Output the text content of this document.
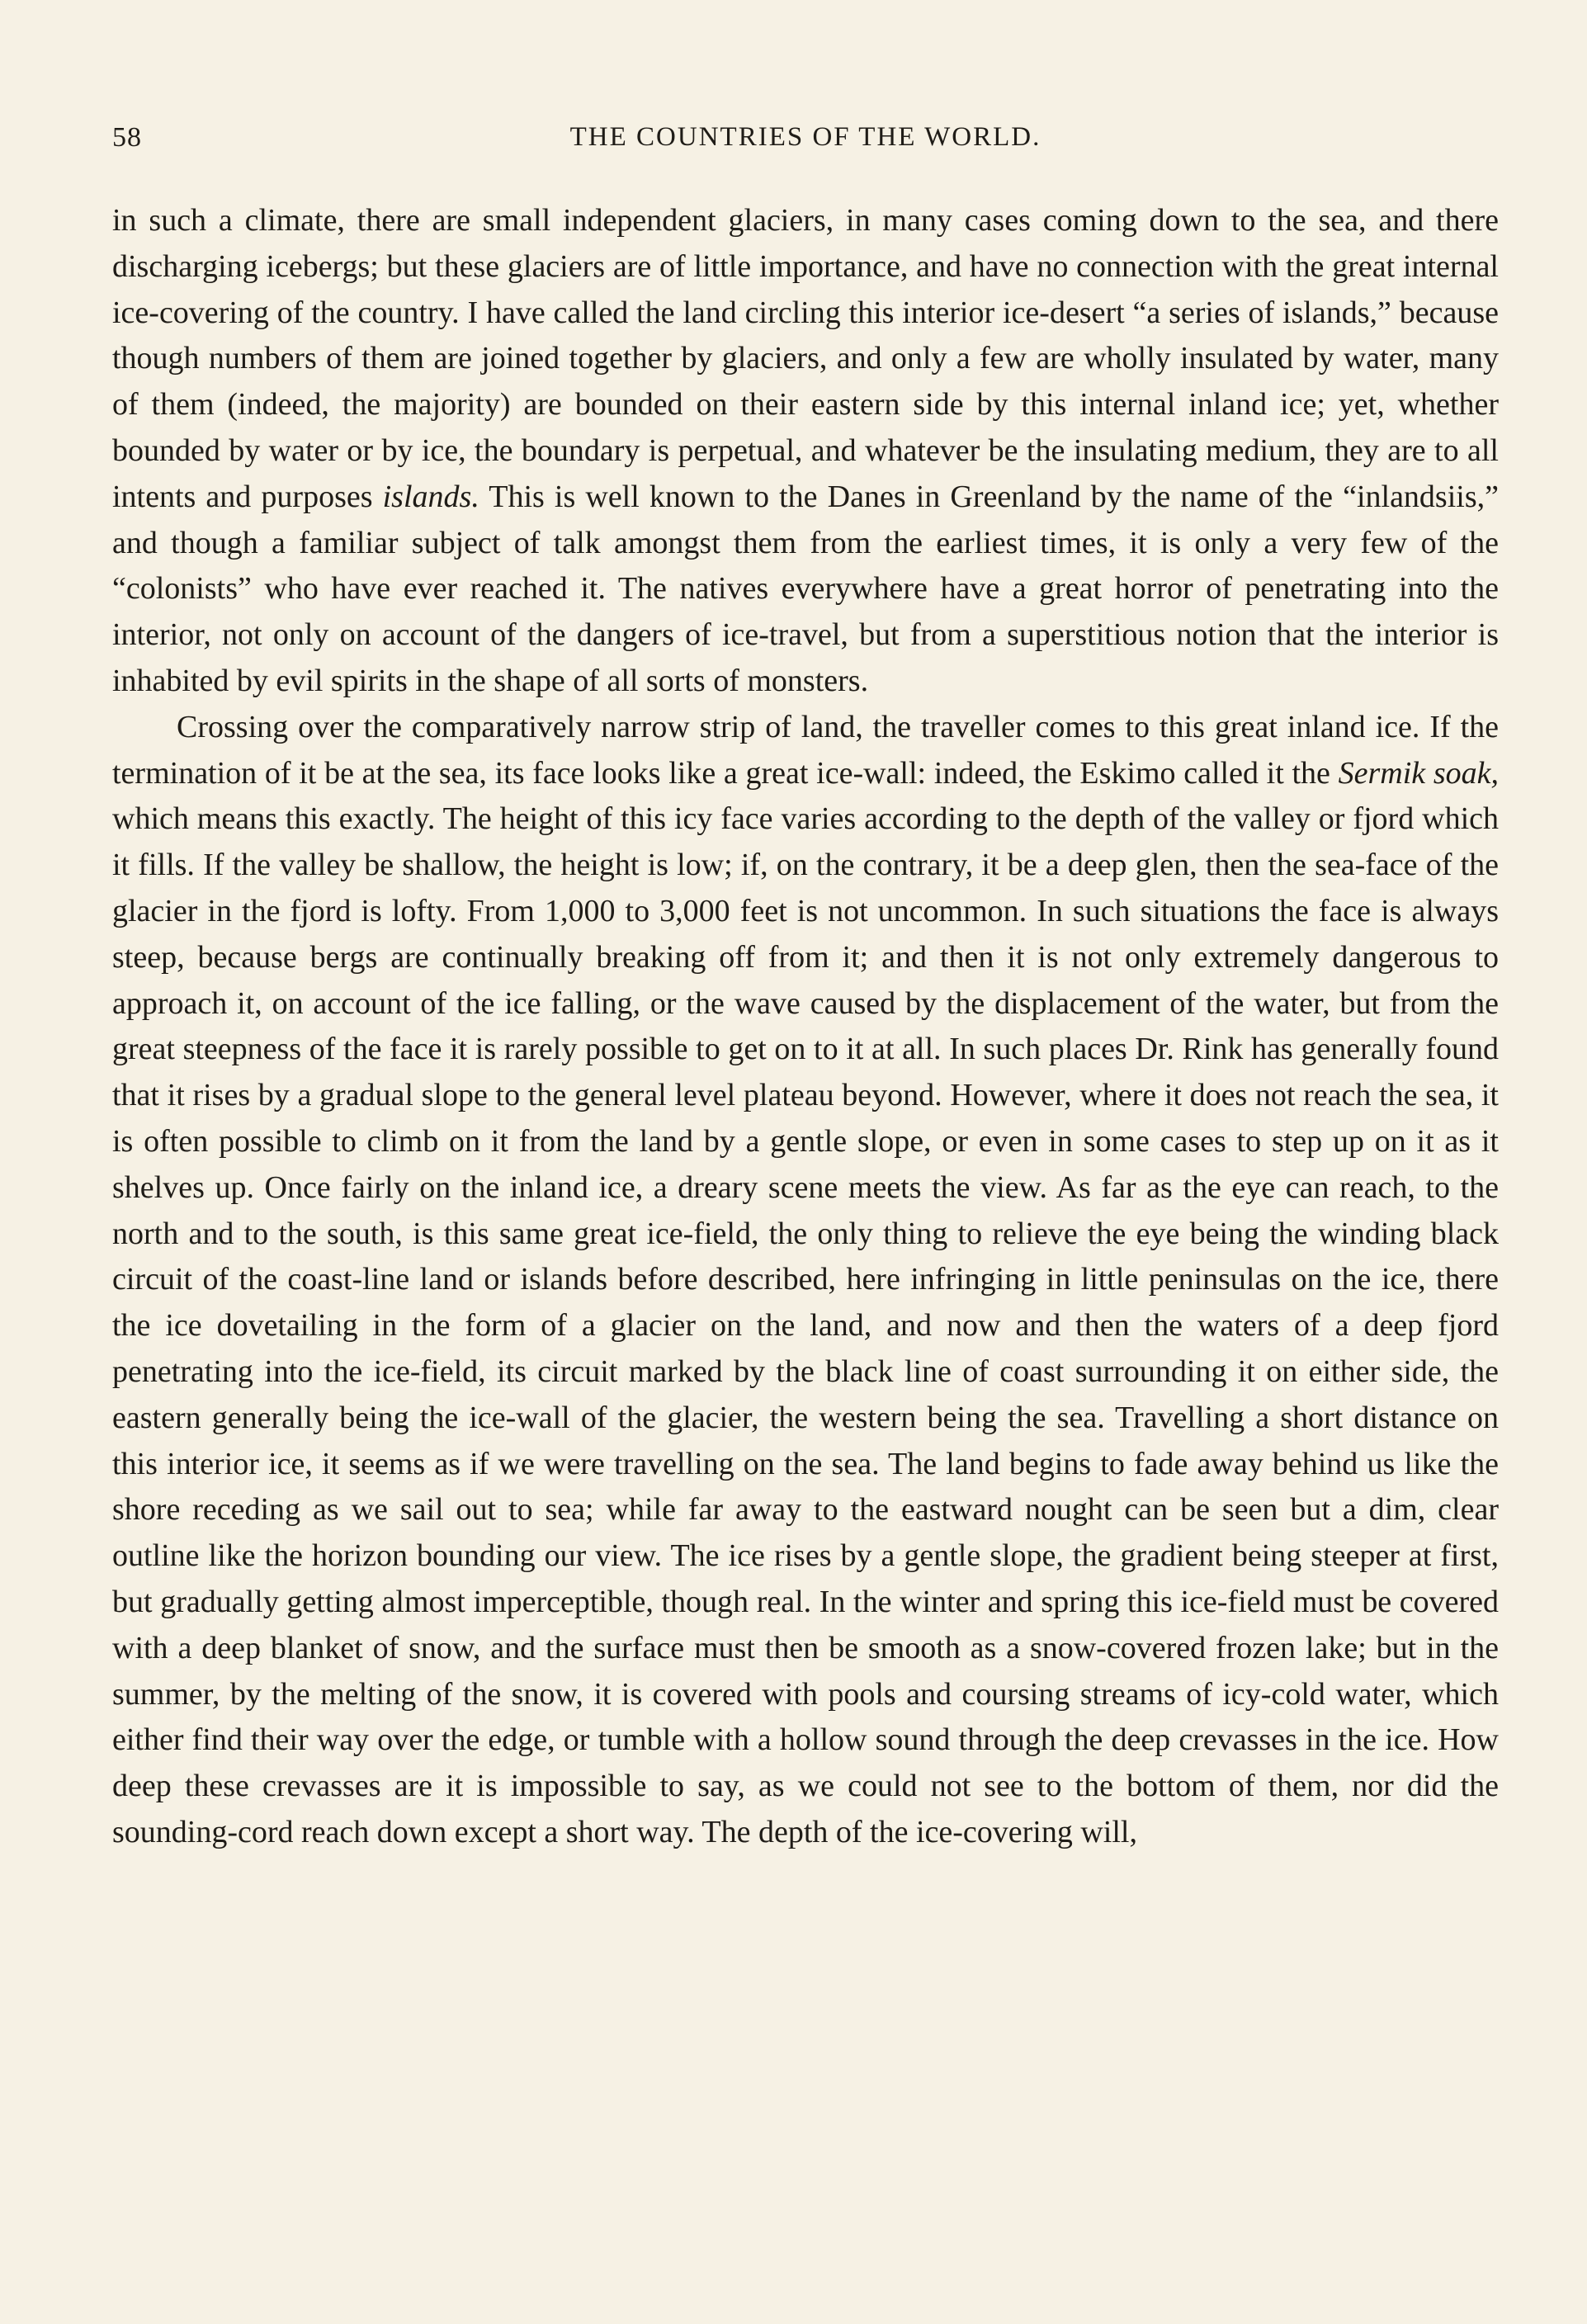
58	THE COUNTRIES OF THE WORLD.

in such a climate, there are small independent glaciers, in many cases coming down to the sea, and there discharging icebergs; but these glaciers are of little importance, and have no connection with the great internal ice-covering of the country. I have called the land circling this interior ice-desert “a series of islands,” because though numbers of them are joined together by glaciers, and only a few are wholly insulated by water, many of them (indeed, the majority) are bounded on their eastern side by this internal inland ice; yet, whether bounded by water or by ice, the boundary is perpetual, and whatever be the insulating medium, they are to all intents and purposes islands. This is well known to the Danes in Greenland by the name of the “inlandsiis,” and though a familiar subject of talk amongst them from the earliest times, it is only a very few of the “colonists” who have ever reached it. The natives everywhere have a great horror of penetrating into the interior, not only on account of the dangers of ice-travel, but from a superstitious notion that the interior is inhabited by evil spirits in the shape of all sorts of monsters.

Crossing over the comparatively narrow strip of land, the traveller comes to this great inland ice. If the termination of it be at the sea, its face looks like a great ice-wall: indeed, the Eskimo called it the Sermik soak, which means this exactly. The height of this icy face varies according to the depth of the valley or fjord which it fills. If the valley be shallow, the height is low; if, on the contrary, it be a deep glen, then the sea-face of the glacier in the fjord is lofty. From 1,000 to 3,000 feet is not uncommon. In such situations the face is always steep, because bergs are continually breaking off from it; and then it is not only extremely dangerous to approach it, on account of the ice falling, or the wave caused by the displacement of the water, but from the great steepness of the face it is rarely possible to get on to it at all. In such places Dr. Rink has generally found that it rises by a gradual slope to the general level plateau beyond. However, where it does not reach the sea, it is often possible to climb on it from the land by a gentle slope, or even in some cases to step up on it as it shelves up. Once fairly on the inland ice, a dreary scene meets the view. As far as the eye can reach, to the north and to the south, is this same great ice-field, the only thing to relieve the eye being the winding black circuit of the coast-line land or islands before described, here infringing in little peninsulas on the ice, there the ice dovetailing in the form of a glacier on the land, and now and then the waters of a deep fjord penetrating into the ice-field, its circuit marked by the black line of coast surrounding it on either side, the eastern generally being the ice-wall of the glacier, the western being the sea. Travelling a short distance on this interior ice, it seems as if we were travelling on the sea. The land begins to fade away behind us like the shore receding as we sail out to sea; while far away to the eastward nought can be seen but a dim, clear outline like the horizon bounding our view. The ice rises by a gentle slope, the gradient being steeper at first, but gradually getting almost imperceptible, though real. In the winter and spring this ice-field must be covered with a deep blanket of snow, and the surface must then be smooth as a snow-covered frozen lake; but in the summer, by the melting of the snow, it is covered with pools and coursing streams of icy-cold water, which either find their way over the edge, or tumble with a hollow sound through the deep crevasses in the ice. How deep these crevasses are it is impossible to say, as we could not see to the bottom of them, nor did the sounding-cord reach down except a short way. The depth of the ice-covering will,
